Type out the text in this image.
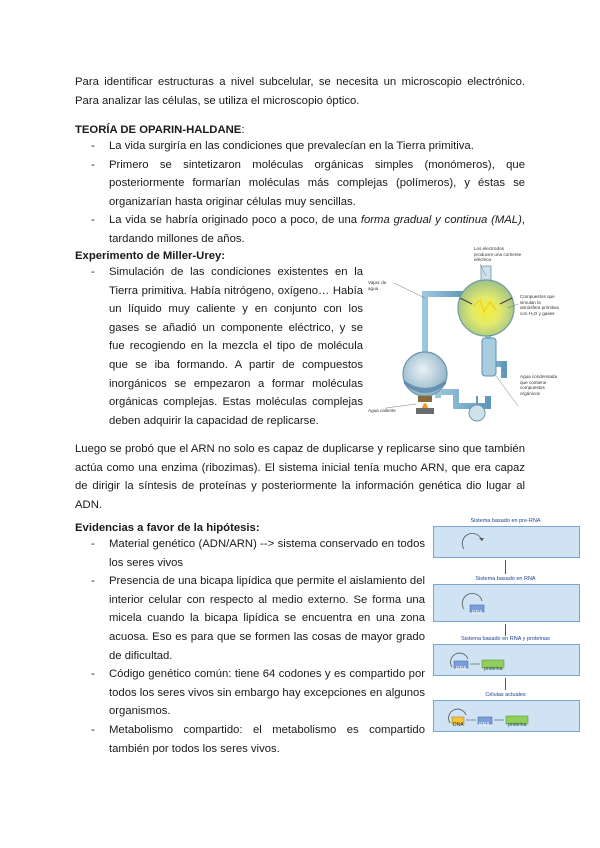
Para identificar estructuras a nivel subcelular, se necesita un microscopio electrónico. Para analizar las células, se utiliza el microscopio óptico.

TEORÍA DE OPARIN-HALDANE:

- La vida surgiría en las condiciones que prevalecían en la Tierra primitiva.
- Primero se sintetizaron moléculas orgánicas simples (monómeros), que posteriormente formarían moléculas más complejas (polímeros), y éstas se organizarían hasta originar células muy sencillas.
- La vida se habría originado poco a poco, de una forma gradual y continua (MAL), tardando millones de años.

Experimento de Miller-Urey:

- Simulación de las condiciones existentes en la Tierra primitiva. Había nitrógeno, oxígeno… Había un líquido muy caliente y en conjunto con los gases se añadió un componente eléctrico, y se fue recogiendo en la mezcla el tipo de molécula que se iba formando. A partir de compuestos inorgánicos se empezaron a formar moléculas orgánicas complejas. Estas moléculas complejas deben adquirir la capacidad de replicarse.
Vapor de agua
Los electrodos producen una corriente eléctrica
Compuestos que simulan la atmósfera primitiva con H₂O y gases
Agua condensada que contiene compuestos orgánicos
Agua caliente

Luego se probó que el ARN no solo es capaz de duplicarse y replicarse sino que también actúa como una enzima (ribozimas). El sistema inicial tenía mucho ARN, que era capaz de dirigir la síntesis de proteínas y posteriormente la información genética dio lugar al ADN.

Evidencias a favor de la hipótesis:

- Material genético (ADN/ARN) --> sistema conservado en todos los seres vivos
- Presencia de una bicapa lipídica que permite el aislamiento del interior celular con respecto al medio externo. Se forma una micela cuando la bicapa lipídica se encuentra en una zona acuosa. Eso es para que se formen las cosas de mayor grado de dificultad.
- Código genético común: tiene 64 codones y es compartido por todos los seres vivos sin embargo hay excepciones en algunos organismos.
- Metabolismo compartido: el metabolismo es compartido también por todos los seres vivos.
Sistema basado en pre-RNA
Sistema basado en RNA
RNA
Sistema basado en RNA y proteínas
RNA	proteína
Células actuales
DNA	RNA	proteína
